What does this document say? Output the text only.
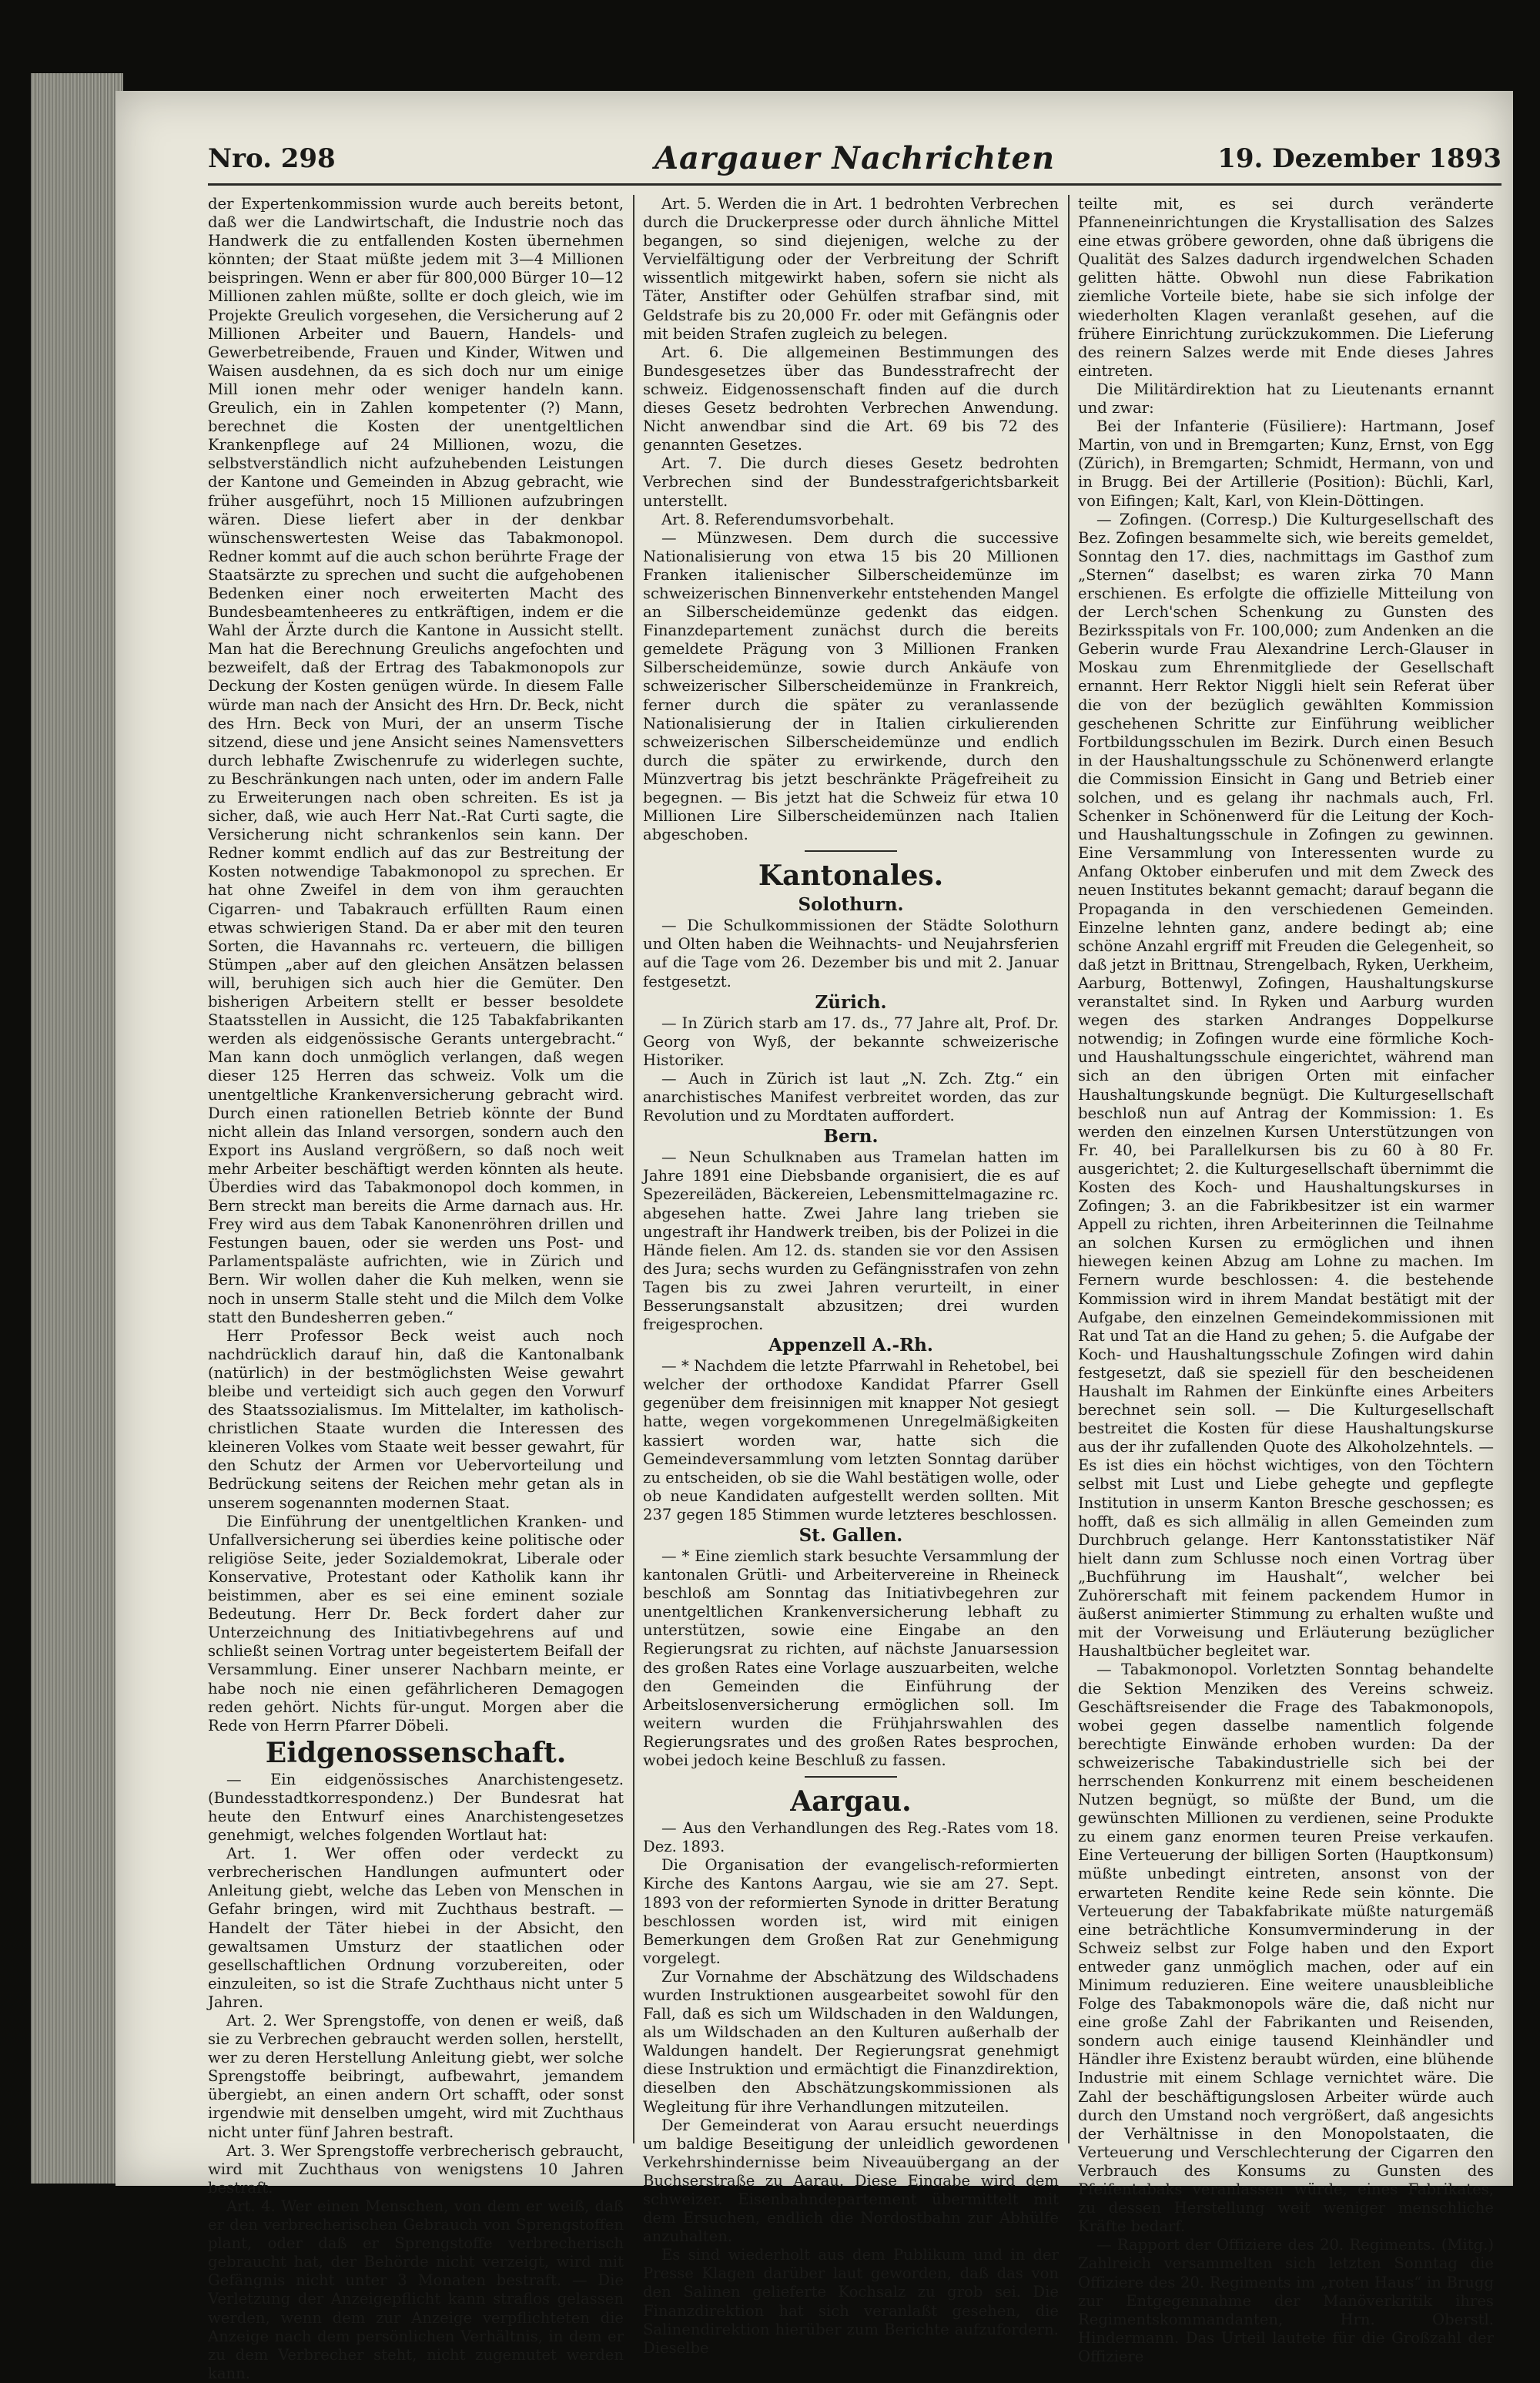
Nro. 298	Aargauer Nachrichten	19. Dezember 1893

der Expertenkommission wurde auch bereits betont, daß wer die Landwirtschaft, die Industrie noch das Handwerk die zu entfallenden Kosten übernehmen könnten; der Staat müßte jedem mit 3—4 Millionen beispringen. Wenn er aber für 800,000 Bürger 10—12 Millionen zahlen müßte, sollte er doch gleich, wie im Projekte Greulich vorgesehen, die Versicherung auf 2 Millionen Arbeiter und Bauern, Handels- und Gewerbetreibende, Frauen und Kinder, Witwen und Waisen ausdehnen, da es sich doch nur um einige Mill ionen mehr oder weniger handeln kann. Greulich, ein in Zahlen kompetenter (?) Mann, berechnet die Kosten der unentgeltlichen Krankenpflege auf 24 Millionen, wozu, die selbstverständlich nicht aufzuhebenden Leistungen der Kantone und Gemeinden in Abzug gebracht, wie früher ausgeführt, noch 15 Millionen aufzubringen wären. Diese liefert aber in der denkbar wünschenswertesten Weise das Tabakmonopol. Redner kommt auf die auch schon berührte Frage der Staatsärzte zu sprechen und sucht die aufgehobenen Bedenken einer noch erweiterten Macht des Bundesbeamtenheeres zu entkräftigen, indem er die Wahl der Ärzte durch die Kantone in Aussicht stellt. Man hat die Berechnung Greulichs angefochten und bezweifelt, daß der Ertrag des Tabakmonopols zur Deckung der Kosten genügen würde. In diesem Falle würde man nach der Ansicht des Hrn. Dr. Beck, nicht des Hrn. Beck von Muri, der an unserm Tische sitzend, diese und jene Ansicht seines Namensvetters durch lebhafte Zwischenrufe zu widerlegen suchte, zu Beschränkungen nach unten, oder im andern Falle zu Erweiterungen nach oben schreiten. Es ist ja sicher, daß, wie auch Herr Nat.-Rat Curti sagte, die Versicherung nicht schrankenlos sein kann. Der Redner kommt endlich auf das zur Bestreitung der Kosten notwendige Tabakmonopol zu sprechen. Er hat ohne Zweifel in dem von ihm gerauchten Cigarren- und Tabakrauch erfüllten Raum einen etwas schwierigen Stand. Da er aber mit den teuren Sorten, die Havannahs rc. verteuern, die billigen Stümpen „aber auf den gleichen Ansätzen belassen will, beruhigen sich auch hier die Gemüter. Den bisherigen Arbeitern stellt er besser besoldete Staatsstellen in Aussicht, die 125 Tabakfabrikanten werden als eidgenössische Gerants untergebracht.“ Man kann doch unmöglich verlangen, daß wegen dieser 125 Herren das schweiz. Volk um die unentgeltliche Krankenversicherung gebracht wird. Durch einen rationellen Betrieb könnte der Bund nicht allein das Inland versorgen, sondern auch den Export ins Ausland vergrößern, so daß noch weit mehr Arbeiter beschäftigt werden könnten als heute. Überdies wird das Tabakmonopol doch kommen, in Bern streckt man bereits die Arme darnach aus. Hr. Frey wird aus dem Tabak Kanonenröhren drillen und Festungen bauen, oder sie werden uns Post- und Parlamentspaläste aufrichten, wie in Zürich und Bern. Wir wollen daher die Kuh melken, wenn sie noch in unserm Stalle steht und die Milch dem Volke statt den Bundesherren geben.“

Herr Professor Beck weist auch noch nachdrücklich darauf hin, daß die Kantonalbank (natürlich) in der bestmöglichsten Weise gewahrt bleibe und verteidigt sich auch gegen den Vorwurf des Staatssozialismus. Im Mittelalter, im katholisch-christlichen Staate wurden die Interessen des kleineren Volkes vom Staate weit besser gewahrt, für den Schutz der Armen vor Uebervorteilung und Bedrückung seitens der Reichen mehr getan als in unserem sogenannten modernen Staat.

Die Einführung der unentgeltlichen Kranken- und Unfallversicherung sei überdies keine politische oder religiöse Seite, jeder Sozialdemokrat, Liberale oder Konservative, Protestant oder Katholik kann ihr beistimmen, aber es sei eine eminent soziale Bedeutung. Herr Dr. Beck fordert daher zur Unterzeichnung des Initiativbegehrens auf und schließt seinen Vortrag unter begeistertem Beifall der Versammlung. Einer unserer Nachbarn meinte, er habe noch nie einen gefährlicheren Demagogen reden gehört. Nichts für-ungut. Morgen aber die Rede von Herrn Pfarrer Döbeli.

Eidgenossenschaft.

— Ein eidgenössisches Anarchistengesetz. (Bundesstadtkorrespondenz.) Der Bundesrat hat heute den Entwurf eines Anarchistengesetzes genehmigt, welches folgenden Wortlaut hat:

Art. 1. Wer offen oder verdeckt zu verbrecherischen Handlungen aufmuntert oder Anleitung giebt, welche das Leben von Menschen in Gefahr bringen, wird mit Zuchthaus bestraft. — Handelt der Täter hiebei in der Absicht, den gewaltsamen Umsturz der staatlichen oder gesellschaftlichen Ordnung vorzubereiten, oder einzuleiten, so ist die Strafe Zuchthaus nicht unter 5 Jahren.

Art. 2. Wer Sprengstoffe, von denen er weiß, daß sie zu Verbrechen gebraucht werden sollen, herstellt, wer zu deren Herstellung Anleitung giebt, wer solche Sprengstoffe beibringt, aufbewahrt, jemandem übergiebt, an einen andern Ort schafft, oder sonst irgendwie mit denselben umgeht, wird mit Zuchthaus nicht unter fünf Jahren bestraft.

Art. 3. Wer Sprengstoffe verbrecherisch gebraucht, wird mit Zuchthaus von wenigstens 10 Jahren bestraft.

Art. 4. Wer einen Menschen, von dem er weiß, daß er den verbrecherischen Gebrauch von Sprengstoffen plant, oder daß er Sprengstoffe verbrecherisch gebraucht hat, der Behörde nicht verzeigt, wird mit Gefängnis nicht unter 3 Monaten bestraft. — Die Verletzung der Anzeigepflicht kann straflos gelassen werden, wenn dem zur Anzeige verpflichteten die Anzeige nach dem persönlichen Verhältnis, in dem er zu dem Verbrecher steht, nicht zugemutet werden kann.

Art. 5. Werden die in Art. 1 bedrohten Verbrechen durch die Druckerpresse oder durch ähnliche Mittel begangen, so sind diejenigen, welche zu der Vervielfältigung oder der Verbreitung der Schrift wissentlich mitgewirkt haben, sofern sie nicht als Täter, Anstifter oder Gehülfen strafbar sind, mit Geldstrafe bis zu 20,000 Fr. oder mit Gefängnis oder mit beiden Strafen zugleich zu belegen.

Art. 6. Die allgemeinen Bestimmungen des Bundesgesetzes über das Bundesstrafrecht der schweiz. Eidgenossenschaft finden auf die durch dieses Gesetz bedrohten Verbrechen Anwendung. Nicht anwendbar sind die Art. 69 bis 72 des genannten Gesetzes.

Art. 7. Die durch dieses Gesetz bedrohten Verbrechen sind der Bundesstrafgerichtsbarkeit unterstellt.

Art. 8. Referendumsvorbehalt.

— Münzwesen. Dem durch die successive Nationalisierung von etwa 15 bis 20 Millionen Franken italienischer Silberscheidemünze im schweizerischen Binnenverkehr entstehenden Mangel an Silberscheidemünze gedenkt das eidgen. Finanzdepartement zunächst durch die bereits gemeldete Prägung von 3 Millionen Franken Silberscheidemünze, sowie durch Ankäufe von schweizerischer Silberscheidemünze in Frankreich, ferner durch die später zu veranlassende Nationalisierung der in Italien cirkulierenden schweizerischen Silberscheidemünze und endlich durch die später zu erwirkende, durch den Münzvertrag bis jetzt beschränkte Prägefreiheit zu begegnen. — Bis jetzt hat die Schweiz für etwa 10 Millionen Lire Silberscheidemünzen nach Italien abgeschoben.

Kantonales.

Solothurn.

— Die Schulkommissionen der Städte Solothurn und Olten haben die Weihnachts- und Neujahrsferien auf die Tage vom 26. Dezember bis und mit 2. Januar festgesetzt.

Zürich.

— In Zürich starb am 17. ds., 77 Jahre alt, Prof. Dr. Georg von Wyß, der bekannte schweizerische Historiker.

— Auch in Zürich ist laut „N. Zch. Ztg.“ ein anarchistisches Manifest verbreitet worden, das zur Revolution und zu Mordtaten auffordert.

Bern.

— Neun Schulknaben aus Tramelan hatten im Jahre 1891 eine Diebsbande organisiert, die es auf Spezereiläden, Bäckereien, Lebensmittelmagazine rc. abgesehen hatte. Zwei Jahre lang trieben sie ungestraft ihr Handwerk treiben, bis der Polizei in die Hände fielen. Am 12. ds. standen sie vor den Assisen des Jura; sechs wurden zu Gefängnisstrafen von zehn Tagen bis zu zwei Jahren verurteilt, in einer Besserungsanstalt abzusitzen; drei wurden freigesprochen.

Appenzell A.-Rh.

— * Nachdem die letzte Pfarrwahl in Rehetobel, bei welcher der orthodoxe Kandidat Pfarrer Gsell gegenüber dem freisinnigen mit knapper Not gesiegt hatte, wegen vorgekommenen Unregelmäßigkeiten kassiert worden war, hatte sich die Gemeindeversammlung vom letzten Sonntag darüber zu entscheiden, ob sie die Wahl bestätigen wolle, oder ob neue Kandidaten aufgestellt werden sollten. Mit 237 gegen 185 Stimmen wurde letzteres beschlossen.

St. Gallen.

— * Eine ziemlich stark besuchte Versammlung der kantonalen Grütli- und Arbeitervereine in Rheineck beschloß am Sonntag das Initiativbegehren zur unentgeltlichen Krankenversicherung lebhaft zu unterstützen, sowie eine Eingabe an den Regierungsrat zu richten, auf nächste Januarsession des großen Rates eine Vorlage auszuarbeiten, welche den Gemeinden die Einführung der Arbeitslosenversicherung ermöglichen soll. Im weitern wurden die Frühjahrswahlen des Regierungsrates und des großen Rates besprochen, wobei jedoch keine Beschluß zu fassen.

Aargau.

— Aus den Verhandlungen des Reg.-Rates vom 18. Dez. 1893.

Die Organisation der evangelisch-reformierten Kirche des Kantons Aargau, wie sie am 27. Sept. 1893 von der reformierten Synode in dritter Beratung beschlossen worden ist, wird mit einigen Bemerkungen dem Großen Rat zur Genehmigung vorgelegt.

Zur Vornahme der Abschätzung des Wildschadens wurden Instruktionen ausgearbeitet sowohl für den Fall, daß es sich um Wildschaden in den Waldungen, als um Wildschaden an den Kulturen außerhalb der Waldungen handelt. Der Regierungsrat genehmigt diese Instruktion und ermächtigt die Finanzdirektion, dieselben den Abschätzungskommissionen als Wegleitung für ihre Verhandlungen mitzuteilen.

Der Gemeinderat von Aarau ersucht neuerdings um baldige Beseitigung der unleidlich gewordenen Verkehrshindernisse beim Niveauübergang an der Buchserstraße zu Aarau. Diese Eingabe wird dem schweizer. Eisenbahndepartement übermittelt mit dem Ersuchen, endlich die Nordostbahn zur Abhülfe anzuhalten.

Es sind wiederholt aus dem Publikum und in der Presse Klagen darüber laut geworden, daß das von den Salinen gelieferte Kochsalz zu grob sei. Die Finanzdirektion hat sich veranlaßt gesehen, die Salinendirektion hierüber zum Berichte aufzufordern. Dieselbe

teilte mit, es sei durch veränderte Pfanneneinrichtungen die Krystallisation des Salzes eine etwas gröbere geworden, ohne daß übrigens die Qualität des Salzes dadurch irgendwelchen Schaden gelitten hätte. Obwohl nun diese Fabrikation ziemliche Vorteile biete, habe sie sich infolge der wiederholten Klagen veranlaßt gesehen, auf die frühere Einrichtung zurückzukommen. Die Lieferung des reinern Salzes werde mit Ende dieses Jahres eintreten.

Die Militärdirektion hat zu Lieutenants ernannt und zwar:

Bei der Infanterie (Füsiliere): Hartmann, Josef Martin, von und in Bremgarten; Kunz, Ernst, von Egg (Zürich), in Bremgarten; Schmidt, Hermann, von und in Brugg. Bei der Artillerie (Position): Büchli, Karl, von Eifingen; Kalt, Karl, von Klein-Döttingen.

— Zofingen. (Corresp.) Die Kulturgesellschaft des Bez. Zofingen besammelte sich, wie bereits gemeldet, Sonntag den 17. dies, nachmittags im Gasthof zum „Sternen“ daselbst; es waren zirka 70 Mann erschienen. Es erfolgte die offizielle Mitteilung von der Lerch'schen Schenkung zu Gunsten des Bezirksspitals von Fr. 100,000; zum Andenken an die Geberin wurde Frau Alexandrine Lerch-Glauser in Moskau zum Ehrenmitgliede der Gesellschaft ernannt. Herr Rektor Niggli hielt sein Referat über die von der bezüglich gewählten Kommission geschehenen Schritte zur Einführung weiblicher Fortbildungsschulen im Bezirk. Durch einen Besuch in der Haushaltungsschule zu Schönenwerd erlangte die Commission Einsicht in Gang und Betrieb einer solchen, und es gelang ihr nachmals auch, Frl. Schenker in Schönenwerd für die Leitung der Koch- und Haushaltungsschule in Zofingen zu gewinnen. Eine Versammlung von Interessenten wurde zu Anfang Oktober einberufen und mit dem Zweck des neuen Institutes bekannt gemacht; darauf begann die Propaganda in den verschiedenen Gemeinden. Einzelne lehnten ganz, andere bedingt ab; eine schöne Anzahl ergriff mit Freuden die Gelegenheit, so daß jetzt in Brittnau, Strengelbach, Ryken, Uerkheim, Aarburg, Bottenwyl, Zofingen, Haushaltungskurse veranstaltet sind. In Ryken und Aarburg wurden wegen des starken Andranges Doppelkurse notwendig; in Zofingen wurde eine förmliche Koch- und Haushaltungsschule eingerichtet, während man sich an den übrigen Orten mit einfacher Haushaltungskunde begnügt. Die Kulturgesellschaft beschloß nun auf Antrag der Kommission: 1. Es werden den einzelnen Kursen Unterstützungen von Fr. 40, bei Parallelkursen bis zu 60 à 80 Fr. ausgerichtet; 2. die Kulturgesellschaft übernimmt die Kosten des Koch- und Haushaltungskurses in Zofingen; 3. an die Fabrikbesitzer ist ein warmer Appell zu richten, ihren Arbeiterinnen die Teilnahme an solchen Kursen zu ermöglichen und ihnen hiewegen keinen Abzug am Lohne zu machen. Im Fernern wurde beschlossen: 4. die bestehende Kommission wird in ihrem Mandat bestätigt mit der Aufgabe, den einzelnen Gemeindekommissionen mit Rat und Tat an die Hand zu gehen; 5. die Aufgabe der Koch- und Haushaltungsschule Zofingen wird dahin festgesetzt, daß sie speziell für den bescheidenen Haushalt im Rahmen der Einkünfte eines Arbeiters berechnet sein soll. — Die Kulturgesellschaft bestreitet die Kosten für diese Haushaltungskurse aus der ihr zufallenden Quote des Alkoholzehntels. — Es ist dies ein höchst wichtiges, von den Töchtern selbst mit Lust und Liebe gehegte und gepflegte Institution in unserm Kanton Bresche geschossen; es hofft, daß es sich allmälig in allen Gemeinden zum Durchbruch gelange. Herr Kantonsstatistiker Näf hielt dann zum Schlusse noch einen Vortrag über „Buchführung im Haushalt“, welcher bei Zuhörerschaft mit feinem packendem Humor in äußerst animierter Stimmung zu erhalten wußte und mit der Vorweisung und Erläuterung bezüglicher Haushaltbücher begleitet war.

— Tabakmonopol. Vorletzten Sonntag behandelte die Sektion Menziken des Vereins schweiz. Geschäftsreisender die Frage des Tabakmonopols, wobei gegen dasselbe namentlich folgende berechtigte Einwände erhoben wurden: Da der schweizerische Tabakindustrielle sich bei der herrschenden Konkurrenz mit einem bescheidenen Nutzen begnügt, so müßte der Bund, um die gewünschten Millionen zu verdienen, seine Produkte zu einem ganz enormen teuren Preise verkaufen. Eine Verteuerung der billigen Sorten (Hauptkonsum) müßte unbedingt eintreten, ansonst von der erwarteten Rendite keine Rede sein könnte. Die Verteuerung der Tabakfabrikate müßte naturgemäß eine beträchtliche Konsumverminderung in der Schweiz selbst zur Folge haben und den Export entweder ganz unmöglich machen, oder auf ein Minimum reduzieren. Eine weitere unausbleibliche Folge des Tabakmonopols wäre die, daß nicht nur eine große Zahl der Fabrikanten und Reisenden, sondern auch einige tausend Kleinhändler und Händler ihre Existenz beraubt würden, eine blühende Industrie mit einem Schlage vernichtet wäre. Die Zahl der beschäftigungslosen Arbeiter würde auch durch den Umstand noch vergrößert, daß angesichts der Verhältnisse in den Monopolstaaten, die Verteuerung und Verschlechterung der Cigarren den Verbrauch des Konsums zu Gunsten des Pfeifentabaks veranlassen würde, eines Fabrikates, zu dessen Herstellung weit weniger menschliche Kräfte bedarf.

— Rapport der Offiziere des 20. Regiments. (Mitg.) Zahlreich versammelten sich letzten Sonntag die Offiziere des 20. Regiments im „roten Haus“ in Brugg zur Entgegennahme der Manöverkritik ihres Regimentskommandanten, Hrn. Oberstl. Hindermann. Das Urteil lautete für die Großzahl der Offiziere
